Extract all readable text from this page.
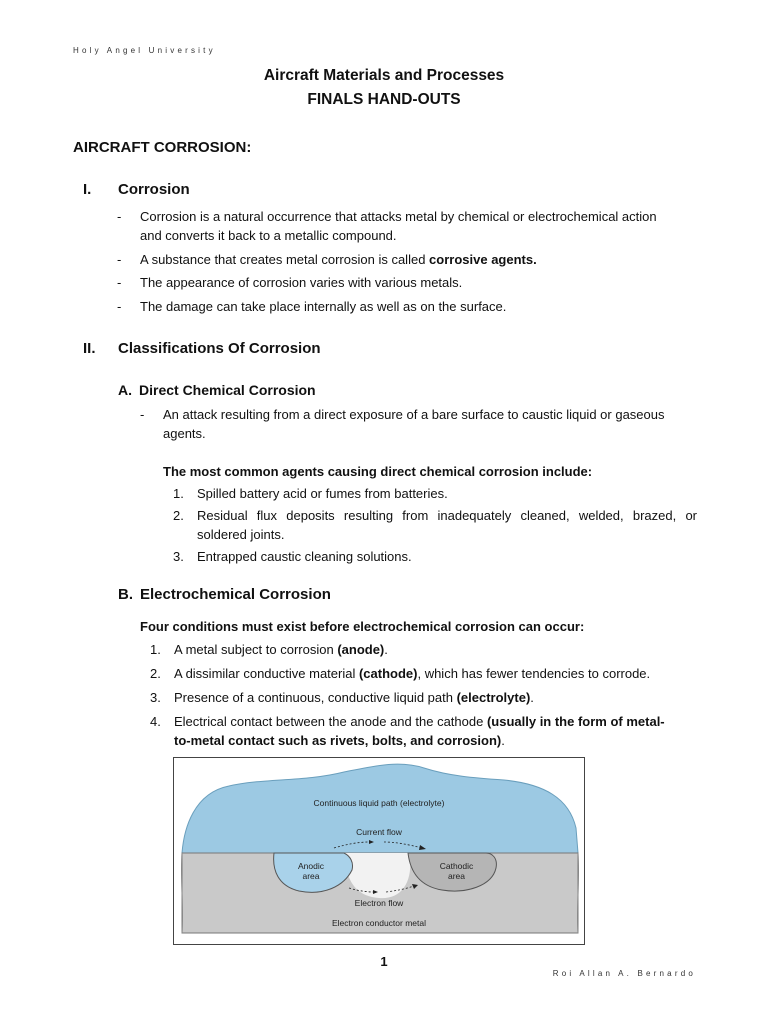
Holy Angel University
Aircraft Materials and Processes
FINALS HAND-OUTS
AIRCRAFT CORROSION:
I. Corrosion
- Corrosion is a natural occurrence that attacks metal by chemical or electrochemical action
and converts it back to a metallic compound.
- A substance that creates metal corrosion is called corrosive agents.
- The appearance of corrosion varies with various metals.
- The damage can take place internally as well as on the surface.
II. Classifications Of Corrosion
A. Direct Chemical Corrosion
- An attack resulting from a direct exposure of a bare surface to caustic liquid or gaseous
agents.
The most common agents causing direct chemical corrosion include:
1. Spilled battery acid or fumes from batteries.
2. Residual flux deposits resulting from inadequately cleaned, welded, brazed, or
soldered joints.
3. Entrapped caustic cleaning solutions.
B. Electrochemical Corrosion
Four conditions must exist before electrochemical corrosion can occur:
1. A metal subject to corrosion (anode).
2. A dissimilar conductive material (cathode), which has fewer tendencies to corrode.
3. Presence of a continuous, conductive liquid path (electrolyte).
4. Electrical contact between the anode and the cathode (usually in the form of metal-
to-metal contact such as rivets, bolts, and corrosion).
Continuous liquid path (electrolyte)
Current flow
Anodic
area
Cathodic
area
Electron flow
Electron conductor metal
1
Roi Allan A. Bernardo
